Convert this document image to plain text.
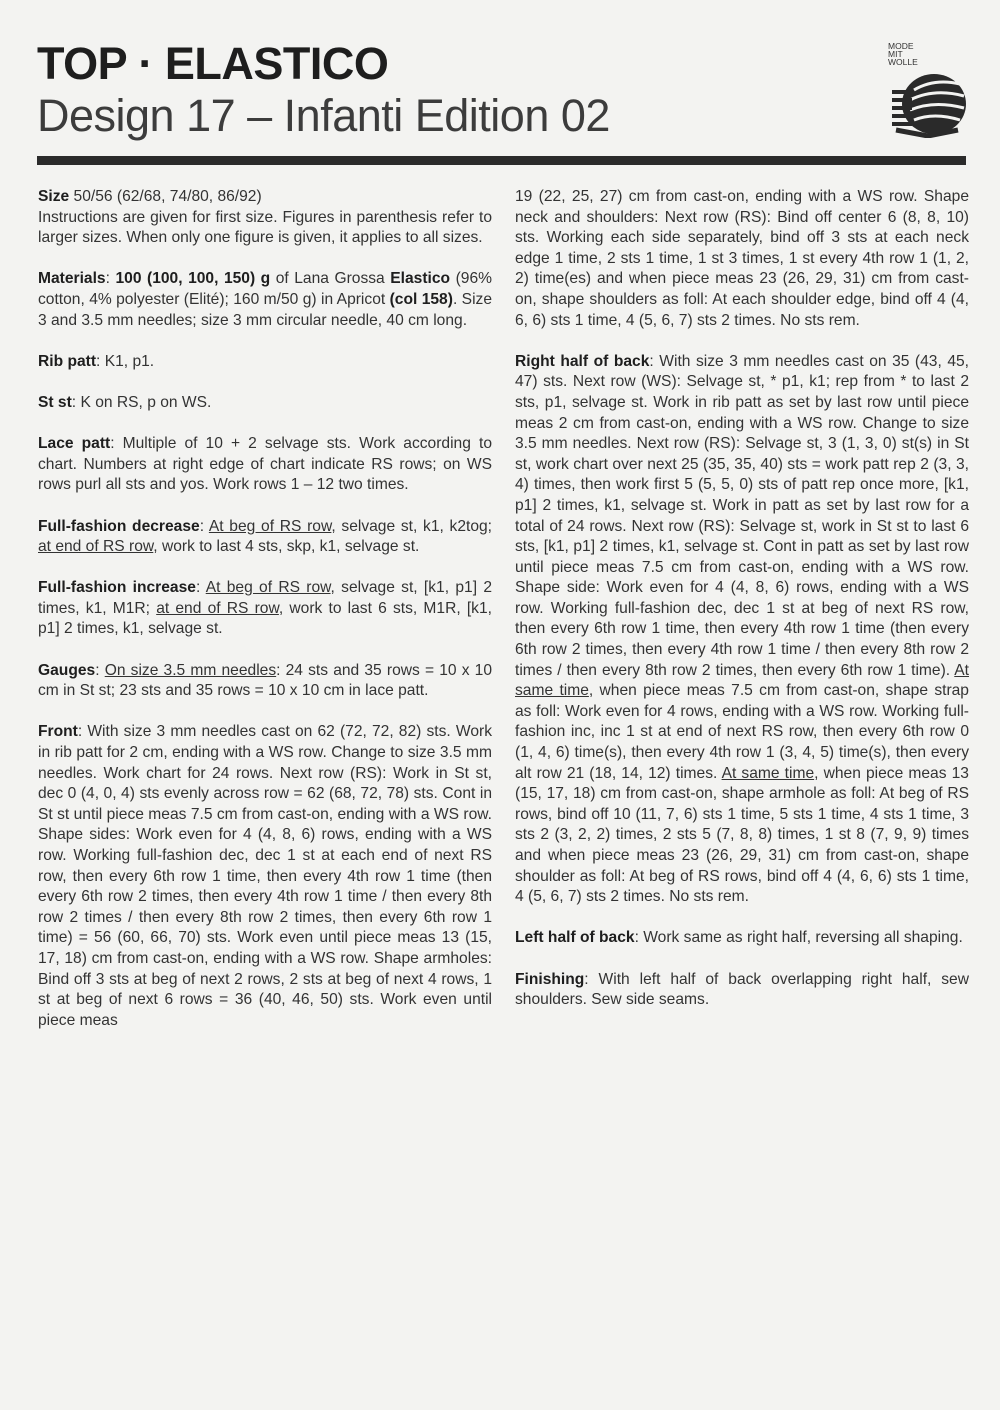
TOP · ELASTICO
Design 17 – Infanti Edition 02
MODE
MIT
WOLLE

Size 50/56 (62/68, 74/80, 86/92)
Instructions are given for first size. Figures in parenthesis refer to larger sizes. When only one figure is given, it applies to all sizes.

Materials: 100 (100, 100, 150) g of Lana Grossa Elastico (96% cotton, 4% polyester (Elité); 160 m/50 g) in Apricot (col 158). Size 3 and 3.5 mm needles; size 3 mm circular needle, 40 cm long.

Rib patt: K1, p1.

St st: K on RS, p on WS.

Lace patt: Multiple of 10 + 2 selvage sts. Work according to chart. Numbers at right edge of chart indicate RS rows; on WS rows purl all sts and yos. Work rows 1 – 12 two times.

Full-fashion decrease: At beg of RS row, selvage st, k1, k2tog; at end of RS row, work to last 4 sts, skp, k1, selvage st.

Full-fashion increase: At beg of RS row, selvage st, [k1, p1] 2 times, k1, M1R; at end of RS row, work to last 6 sts, M1R, [k1, p1] 2 times, k1, selvage st.

Gauges: On size 3.5 mm needles: 24 sts and 35 rows = 10 x 10 cm in St st; 23 sts and 35 rows = 10 x 10 cm in lace patt.

Front: With size 3 mm needles cast on 62 (72, 72, 82) sts. Work in rib patt for 2 cm, ending with a WS row. Change to size 3.5 mm needles. Work chart for 24 rows. Next row (RS): Work in St st, dec 0 (4, 0, 4) sts evenly across row = 62 (68, 72, 78) sts. Cont in St st until piece meas 7.5 cm from cast-on, ending with a WS row. Shape sides: Work even for 4 (4, 8, 6) rows, ending with a WS row. Working full-fashion dec, dec 1 st at each end of next RS row, then every 6th row 1 time, then every 4th row 1 time (then every 6th row 2 times, then every 4th row 1 time / then every 8th row 2 times / then every 8th row 2 times, then every 6th row 1 time) = 56 (60, 66, 70) sts. Work even until piece meas 13 (15, 17, 18) cm from cast-on, ending with a WS row. Shape armholes: Bind off 3 sts at beg of next 2 rows, 2 sts at beg of next 4 rows, 1 st at beg of next 6 rows = 36 (40, 46, 50) sts. Work even until piece meas

19 (22, 25, 27) cm from cast-on, ending with a WS row. Shape neck and shoulders: Next row (RS): Bind off center 6 (8, 8, 10) sts. Working each side separately, bind off 3 sts at each neck edge 1 time, 2 sts 1 time, 1 st 3 times, 1 st every 4th row 1 (1, 2, 2) time(es) and when piece meas 23 (26, 29, 31) cm from cast-on, shape shoulders as foll: At each shoulder edge, bind off 4 (4, 6, 6) sts 1 time, 4 (5, 6, 7) sts 2 times. No sts rem.

Right half of back: With size 3 mm needles cast on 35 (43, 45, 47) sts. Next row (WS): Selvage st, * p1, k1; rep from * to last 2 sts, p1, selvage st. Work in rib patt as set by last row until piece meas 2 cm from cast-on, ending with a WS row. Change to size 3.5 mm needles. Next row (RS): Selvage st, 3 (1, 3, 0) st(s) in St st, work chart over next 25 (35, 35, 40) sts = work patt rep 2 (3, 3, 4) times, then work first 5 (5, 5, 0) sts of patt rep once more, [k1, p1] 2 times, k1, selvage st. Work in patt as set by last row for a total of 24 rows. Next row (RS): Selvage st, work in St st to last 6 sts, [k1, p1] 2 times, k1, selvage st. Cont in patt as set by last row until piece meas 7.5 cm from cast-on, ending with a WS row. Shape side: Work even for 4 (4, 8, 6) rows, ending with a WS row. Working full-fashion dec, dec 1 st at beg of next RS row, then every 6th row 1 time, then every 4th row 1 time (then every 6th row 2 times, then every 4th row 1 time / then every 8th row 2 times / then every 8th row 2 times, then every 6th row 1 time). At same time, when piece meas 7.5 cm from cast-on, shape strap as foll: Work even for 4 rows, ending with a WS row. Working full-fashion inc, inc 1 st at end of next RS row, then every 6th row 0 (1, 4, 6) time(s), then every 4th row 1 (3, 4, 5) time(s), then every alt row 21 (18, 14, 12) times. At same time, when piece meas 13 (15, 17, 18) cm from cast-on, shape armhole as foll: At beg of RS rows, bind off 10 (11, 7, 6) sts 1 time, 5 sts 1 time, 4 sts 1 time, 3 sts 2 (3, 2, 2) times, 2 sts 5 (7, 8, 8) times, 1 st 8 (7, 9, 9) times and when piece meas 23 (26, 29, 31) cm from cast-on, shape shoulder as foll: At beg of RS rows, bind off 4 (4, 6, 6) sts 1 time, 4 (5, 6, 7) sts 2 times. No sts rem.

Left half of back: Work same as right half, reversing all shaping.

Finishing: With left half of back overlapping right half, sew shoulders. Sew side seams.
